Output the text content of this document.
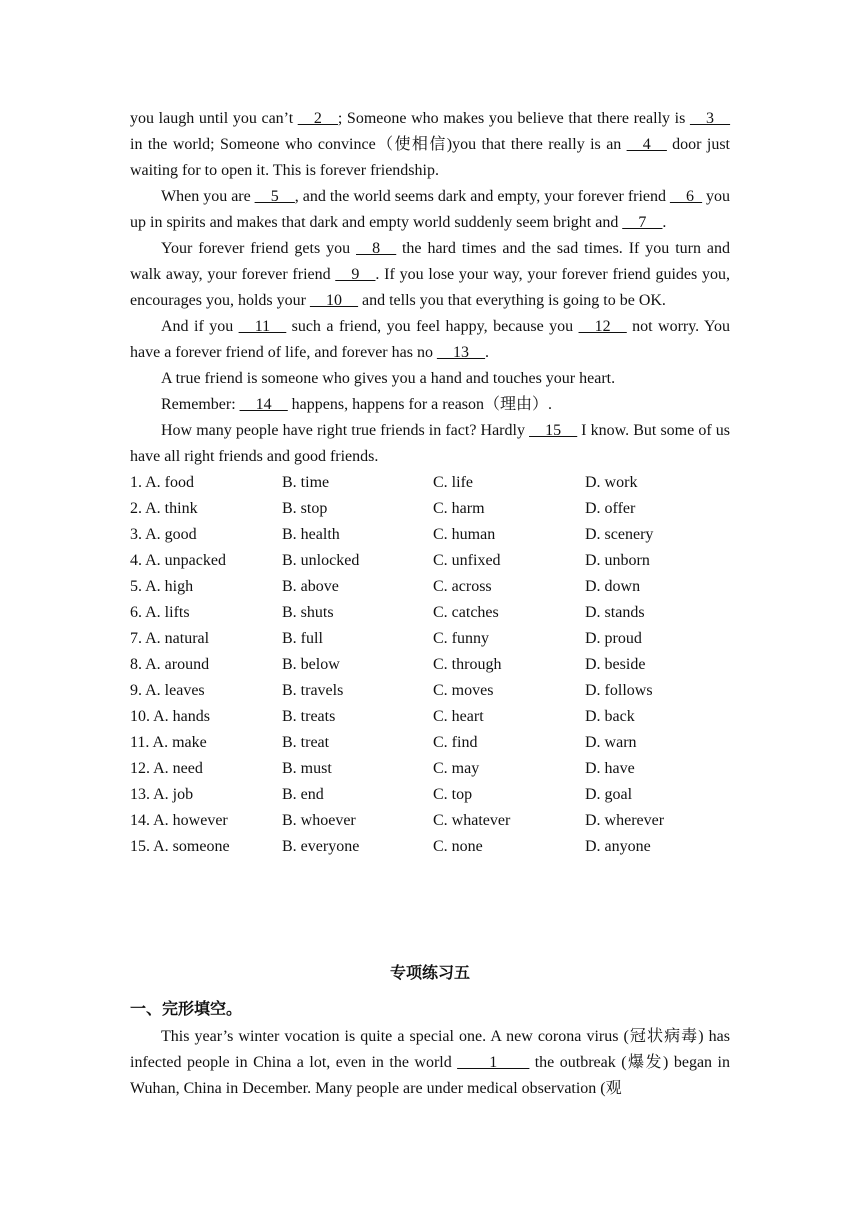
you laugh until you can’t __2__; Someone who makes you believe that there really is __3__ in the world; Someone who convince（使相信)you that there really is an __4__ door just waiting for to open it. This is forever friendship.

When you are __5__, and the world seems dark and empty, your forever friend __6_ you up in spirits and makes that dark and empty world suddenly seem bright and __7__.

Your forever friend gets you __8__ the hard times and the sad times. If you turn and walk away, your forever friend __9__. If you lose your way, your forever friend guides you, encourages you, holds your __10__ and tells you that everything is going to be OK.

And if you __11__ such a friend, you feel happy, because you __12__ not worry. You have a forever friend of life, and forever has no __13__.

A true friend is someone who gives you a hand and touches your heart.

Remember: __14__ happens, happens for a reason（理由）.

How many people have right true friends in fact? Hardly __15__ I know. But some of us have all right friends and good friends.

1. A. food	B. time	C. life	D. work
2. A. think	B. stop	C. harm	D. offer
3. A. good	B. health	C. human	D. scenery
4. A. unpacked	B. unlocked	C. unfixed	D. unborn
5. A. high	B. above	C. across	D. down
6. A. lifts	B. shuts	C. catches	D. stands
7. A. natural	B. full	C. funny	D. proud
8. A. around	B. below	C. through	D. beside
9. A. leaves	B. travels	C. moves	D. follows
10. A. hands	B. treats	C. heart	D. back
11. A. make	B. treat	C. find	D. warn
12. A. need	B. must	C. may	D. have
13. A. job	B. end	C. top	D. goal
14. A. however	B. whoever	C. whatever	D. wherever
15. A. someone	B. everyone	C. none	D. anyone
专项练习五
一、完形填空。

This year’s winter vocation is quite a special one. A new corona virus (冠状病毒) has infected people in China a lot, even in the world ____1____ the outbreak (爆发) began in Wuhan, China in December. Many people are under medical observation (观
